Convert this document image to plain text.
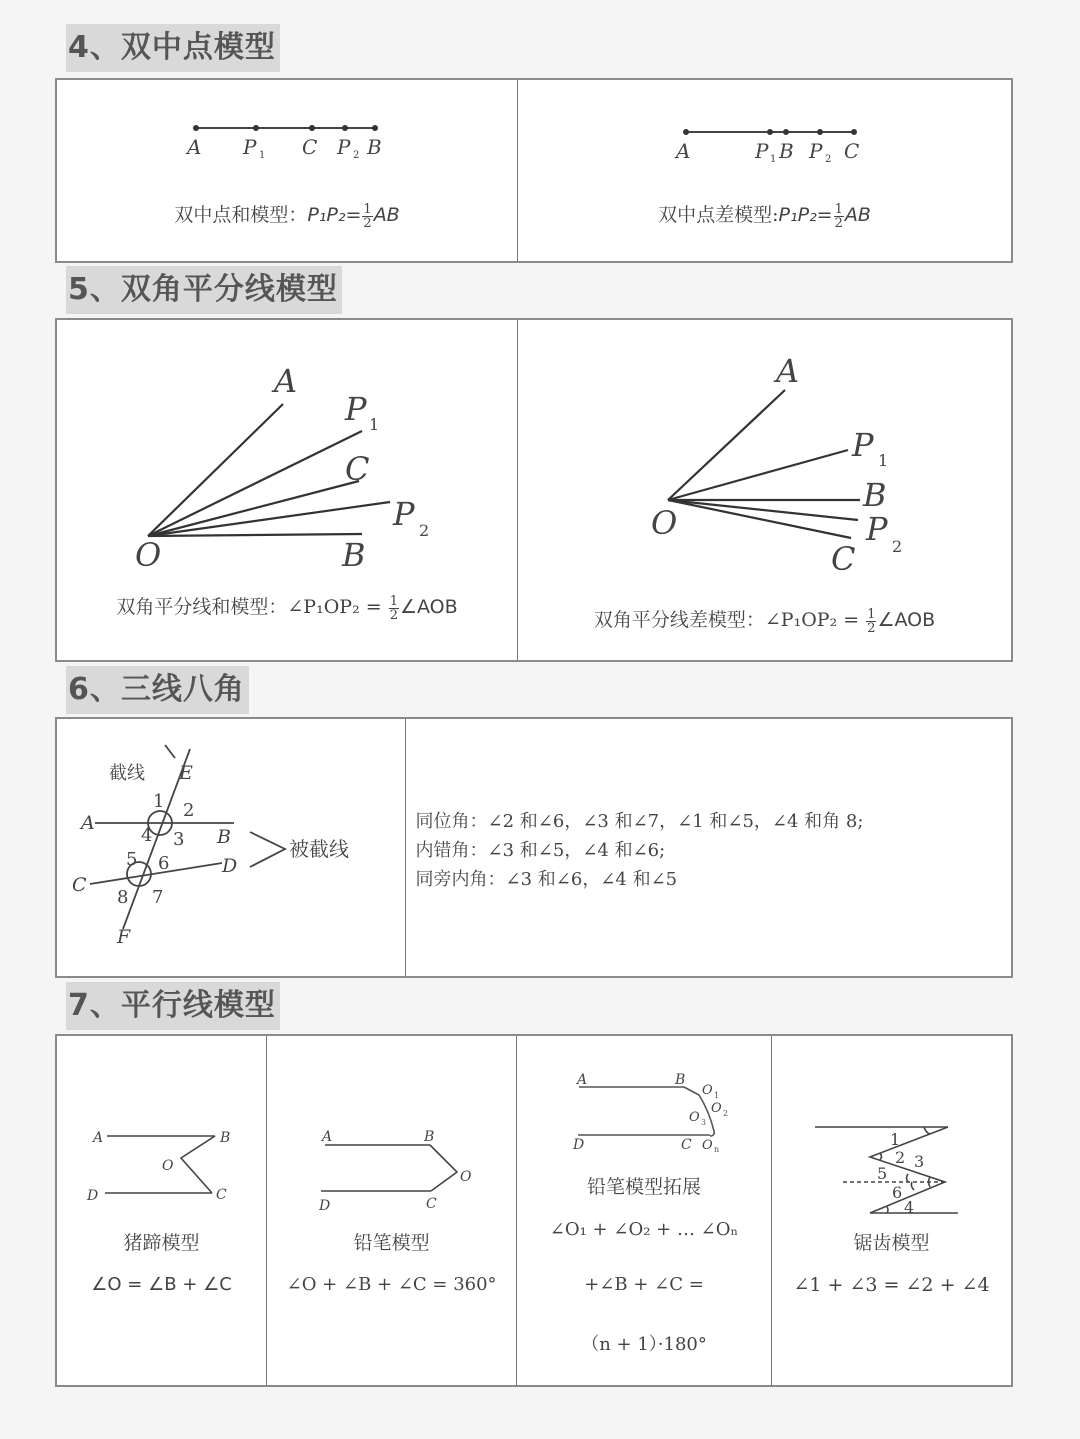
4、双中点模型
A P 1 C P 2 B
双中点和模型：$P_1P_2= \frac{1}{2}$ AB
A	P 1 B P 2 C
双中点差模型:P₁P₂= $\frac{1}{2}$ AB
5、双角平分线模型
A
P 1
C
P 2
O	B
双角平分线和模型：∠P₁OP₂ = $\frac{1}{2}$ ∠AOB
A
P 1
B
O	P 2
C
双角平分线差模型：∠P₁OP₂ = $\frac{1}{2}$ ∠AOB
6、三线八角
截线 E
1 2
A
4 3 B
5 6	D
C
8 7
F
被截线
同位角：∠2 和∠6，∠3 和∠7，∠1 和∠5，∠4 和角 8;
内错角：∠3 和∠5，∠4 和∠6;
同旁内角：∠3 和∠6，∠4 和∠5
7、平行线模型
A	B
O
D	C
猪蹄模型
∠O = ∠B + ∠C
A	B
O
D	C
铅笔模型
∠O + ∠B + ∠C = 360°
A	B
O 1
O 2
O 3
D	C O n
铅笔模型拓展
∠O₁ + ∠O₂ + … ∠Oₙ
+∠B + ∠C =
（n + 1）·180°
1
2 3
5
6
4
锯齿模型
∠1 + ∠3 = ∠2 + ∠4
